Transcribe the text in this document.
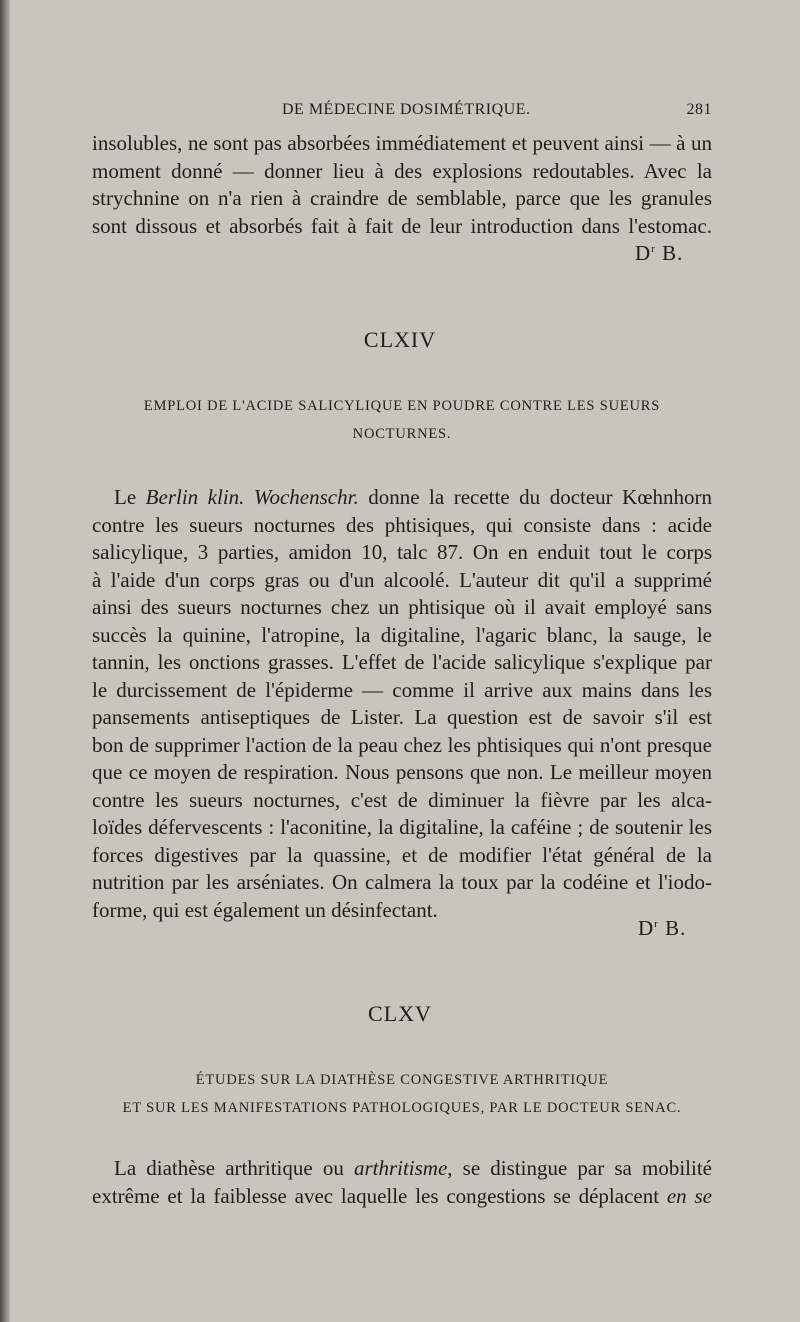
DE MÉDECINE DOSIMÉTRIQUE.	281
insolubles, ne sont pas absorbées immédiatement et peuvent ainsi — à un
moment donné — donner lieu à des explosions redoutables. Avec la
strychnine on n'a rien à craindre de semblable, parce que les granules
sont dissous et absorbés fait à fait de leur introduction dans l'estomac.
$D^r$ B.
CLXIV
EMPLOI DE L'ACIDE SALICYLIQUE EN POUDRE CONTRE LES SUEURS
NOCTURNES.
Le Berlin klin. Wochenschr. donne la recette du docteur Kœhnhorn
contre les sueurs nocturnes des phtisiques, qui consiste dans : acide
salicylique, 3 parties, amidon 10, talc 87. On en enduit tout le corps
à l'aide d'un corps gras ou d'un alcoolé. L'auteur dit qu'il a supprimé
ainsi des sueurs nocturnes chez un phtisique où il avait employé sans
succès la quinine, l'atropine, la digitaline, l'agaric blanc, la sauge, le
tannin, les onctions grasses. L'effet de l'acide salicylique s'explique par
le durcissement de l'épiderme — comme il arrive aux mains dans les
pansements antiseptiques de Lister. La question est de savoir s'il est
bon de supprimer l'action de la peau chez les phtisiques qui n'ont presque
que ce moyen de respiration. Nous pensons que non. Le meilleur moyen
contre les sueurs nocturnes, c'est de diminuer la fièvre par les alca-
loïdes défervescents : l'aconitine, la digitaline, la caféine ; de soutenir les
forces digestives par la quassine, et de modifier l'état général de la
nutrition par les arséniates. On calmera la toux par la codéine et l'iodo-
forme, qui est également un désinfectant.
$D^r$ B.
CLXV
ÉTUDES SUR LA DIATHÈSE CONGESTIVE ARTHRITIQUE
ET SUR LES MANIFESTATIONS PATHOLOGIQUES, PAR LE DOCTEUR SENAC.
La diathèse arthritique ou arthritisme, se distingue par sa mobilité
extrême et la faiblesse avec laquelle les congestions se déplacent en se
